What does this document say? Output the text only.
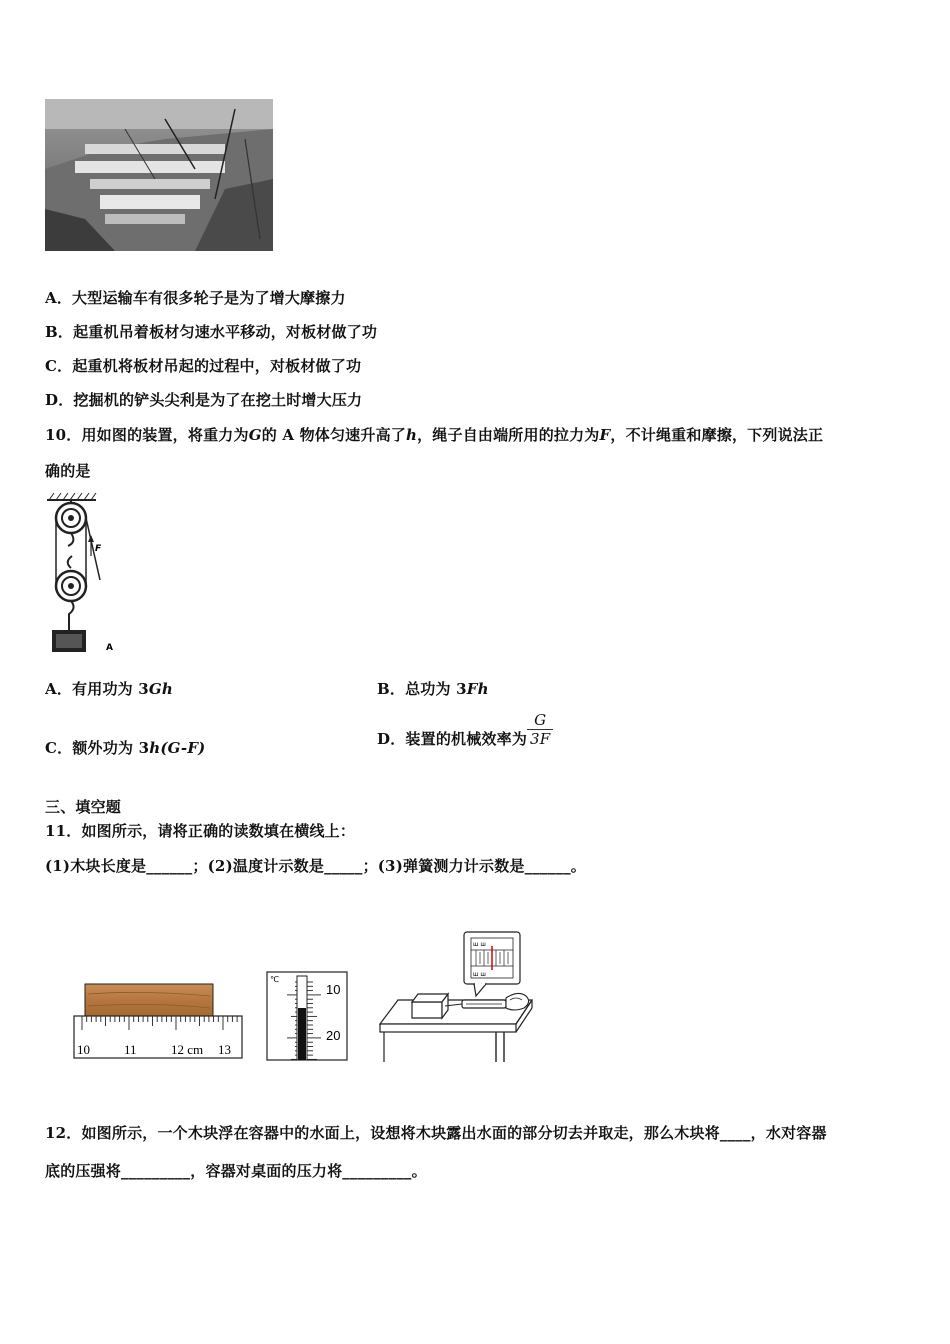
A．大型运输车有很多轮子是为了增大摩擦力
B．起重机吊着板材匀速水平移动，对板材做了功
C．起重机将板材吊起的过程中，对板材做了功
D．挖掘机的铲头尖利是为了在挖土时增大压力
10．用如图的装置，将重力为G的 A 物体匀速升高了h，绳子自由端所用的拉力为F，不计绳重和摩擦，下列说法正
确的是
F
A
A．有用功为 3Gh	B．总功为 3Fh
C．额外功为 3h(G-F)	D．装置的机械效率为 $\frac{G}{3F}$
三、填空题
11．如图所示，请将正确的读数填在横线上：
(1)木块长度是______；(2)温度计示数是_____；(3)弹簧测力计示数是______。
10	11	12 cm 13
℃
10
20
ш ш
ш ш
12．如图所示，一个木块浮在容器中的水面上，设想将木块露出水面的部分切去并取走，那么木块将____，水对容器
底的压强将_________，容器对桌面的压力将_________。
